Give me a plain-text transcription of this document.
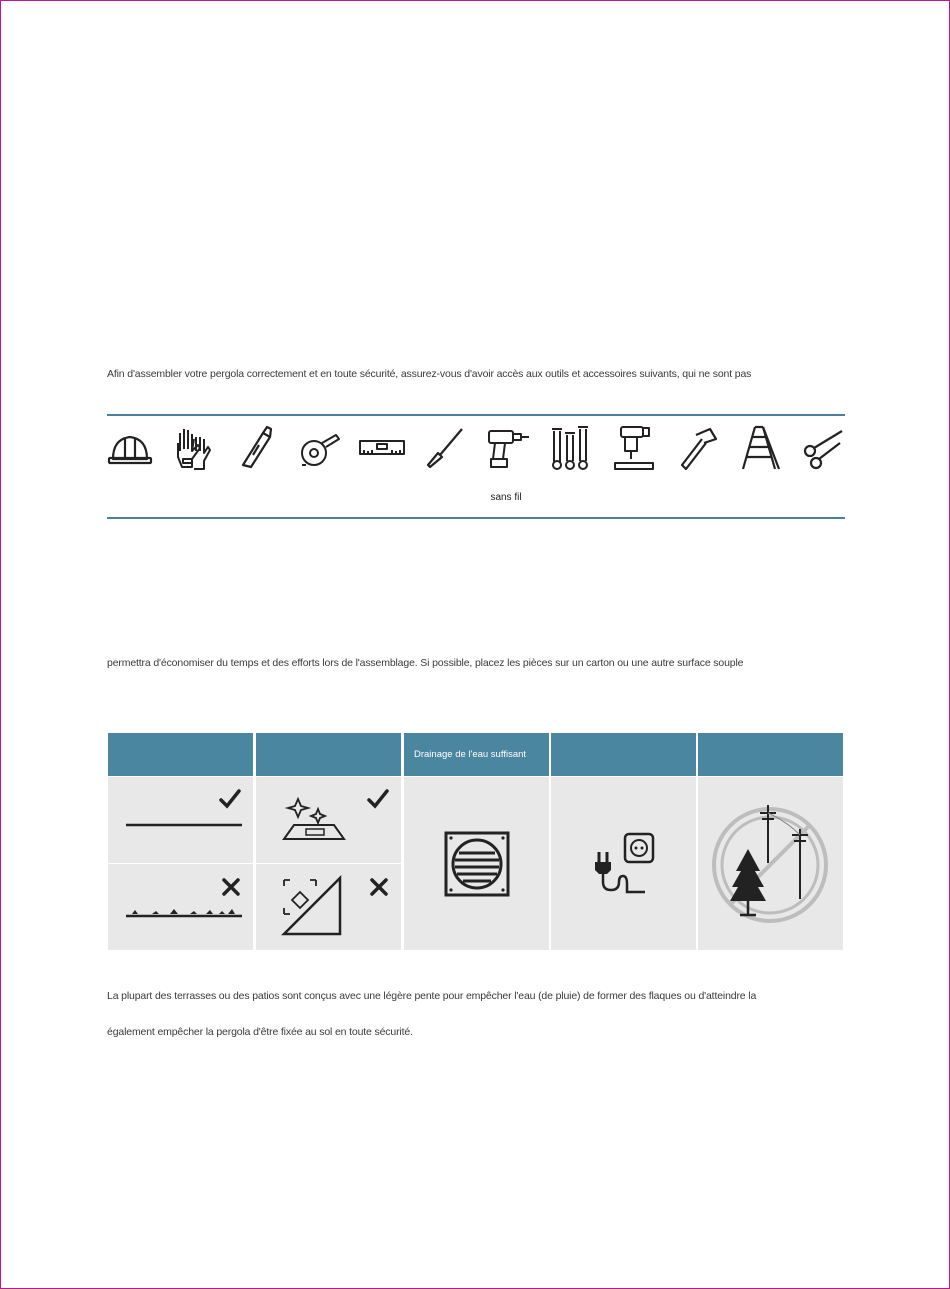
Afin d'assembler votre pergola correctement et en toute sécurité, assurez-vous d'avoir accès aux outils et accessoires suivants, qui ne sont pas
sans fil
permettra d'économiser du temps et des efforts lors de l'assemblage. Si possible, placez les pièces sur un carton ou une autre surface souple
Drainage de l'eau suffisant
La plupart des terrasses ou des patios sont conçus avec une légère pente pour empêcher l'eau (de pluie) de former des flaques ou d'atteindre la
également empêcher la pergola d'être fixée au sol en toute sécurité.
